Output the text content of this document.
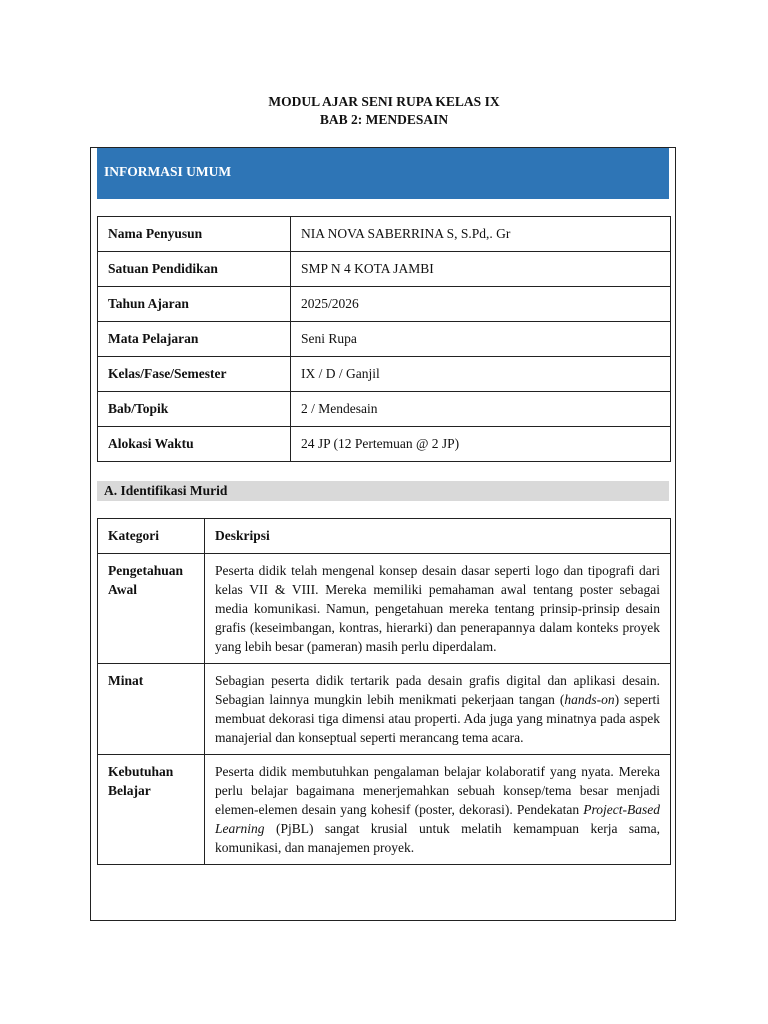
MODUL AJAR SENI RUPA KELAS IX
BAB 2: MENDESAIN
INFORMASI UMUM
Nama Penyusun	NIA NOVA SABERRINA S, S.Pd,. Gr
Satuan Pendidikan	SMP N 4 KOTA JAMBI
Tahun Ajaran	2025/2026
Mata Pelajaran	Seni Rupa
Kelas/Fase/Semester	IX / D / Ganjil
Bab/Topik	2 / Mendesain
Alokasi Waktu	24 JP (12 Pertemuan @ 2 JP)
A. Identifikasi Murid
Kategori	Deskripsi
Pengetahuan
Awal	Peserta didik telah mengenal konsep desain dasar seperti logo dan tipografi dari kelas VII & VIII. Mereka memiliki pemahaman awal tentang poster sebagai media komunikasi. Namun, pengetahuan mereka tentang prinsip-prinsip desain grafis (keseimbangan, kontras, hierarki) dan penerapannya dalam konteks proyek yang lebih besar (pameran) masih perlu diperdalam.
Minat	Sebagian peserta didik tertarik pada desain grafis digital dan aplikasi desain. Sebagian lainnya mungkin lebih menikmati pekerjaan tangan (hands-on) seperti membuat dekorasi tiga dimensi atau properti. Ada juga yang minatnya pada aspek manajerial dan konseptual seperti merancang tema acara.
Kebutuhan
Belajar	Peserta didik membutuhkan pengalaman belajar kolaboratif yang nyata. Mereka perlu belajar bagaimana menerjemahkan sebuah konsep/tema besar menjadi elemen-elemen desain yang kohesif (poster, dekorasi). Pendekatan Project-Based Learning (PjBL) sangat krusial untuk melatih kemampuan kerja sama, komunikasi, dan manajemen proyek.
